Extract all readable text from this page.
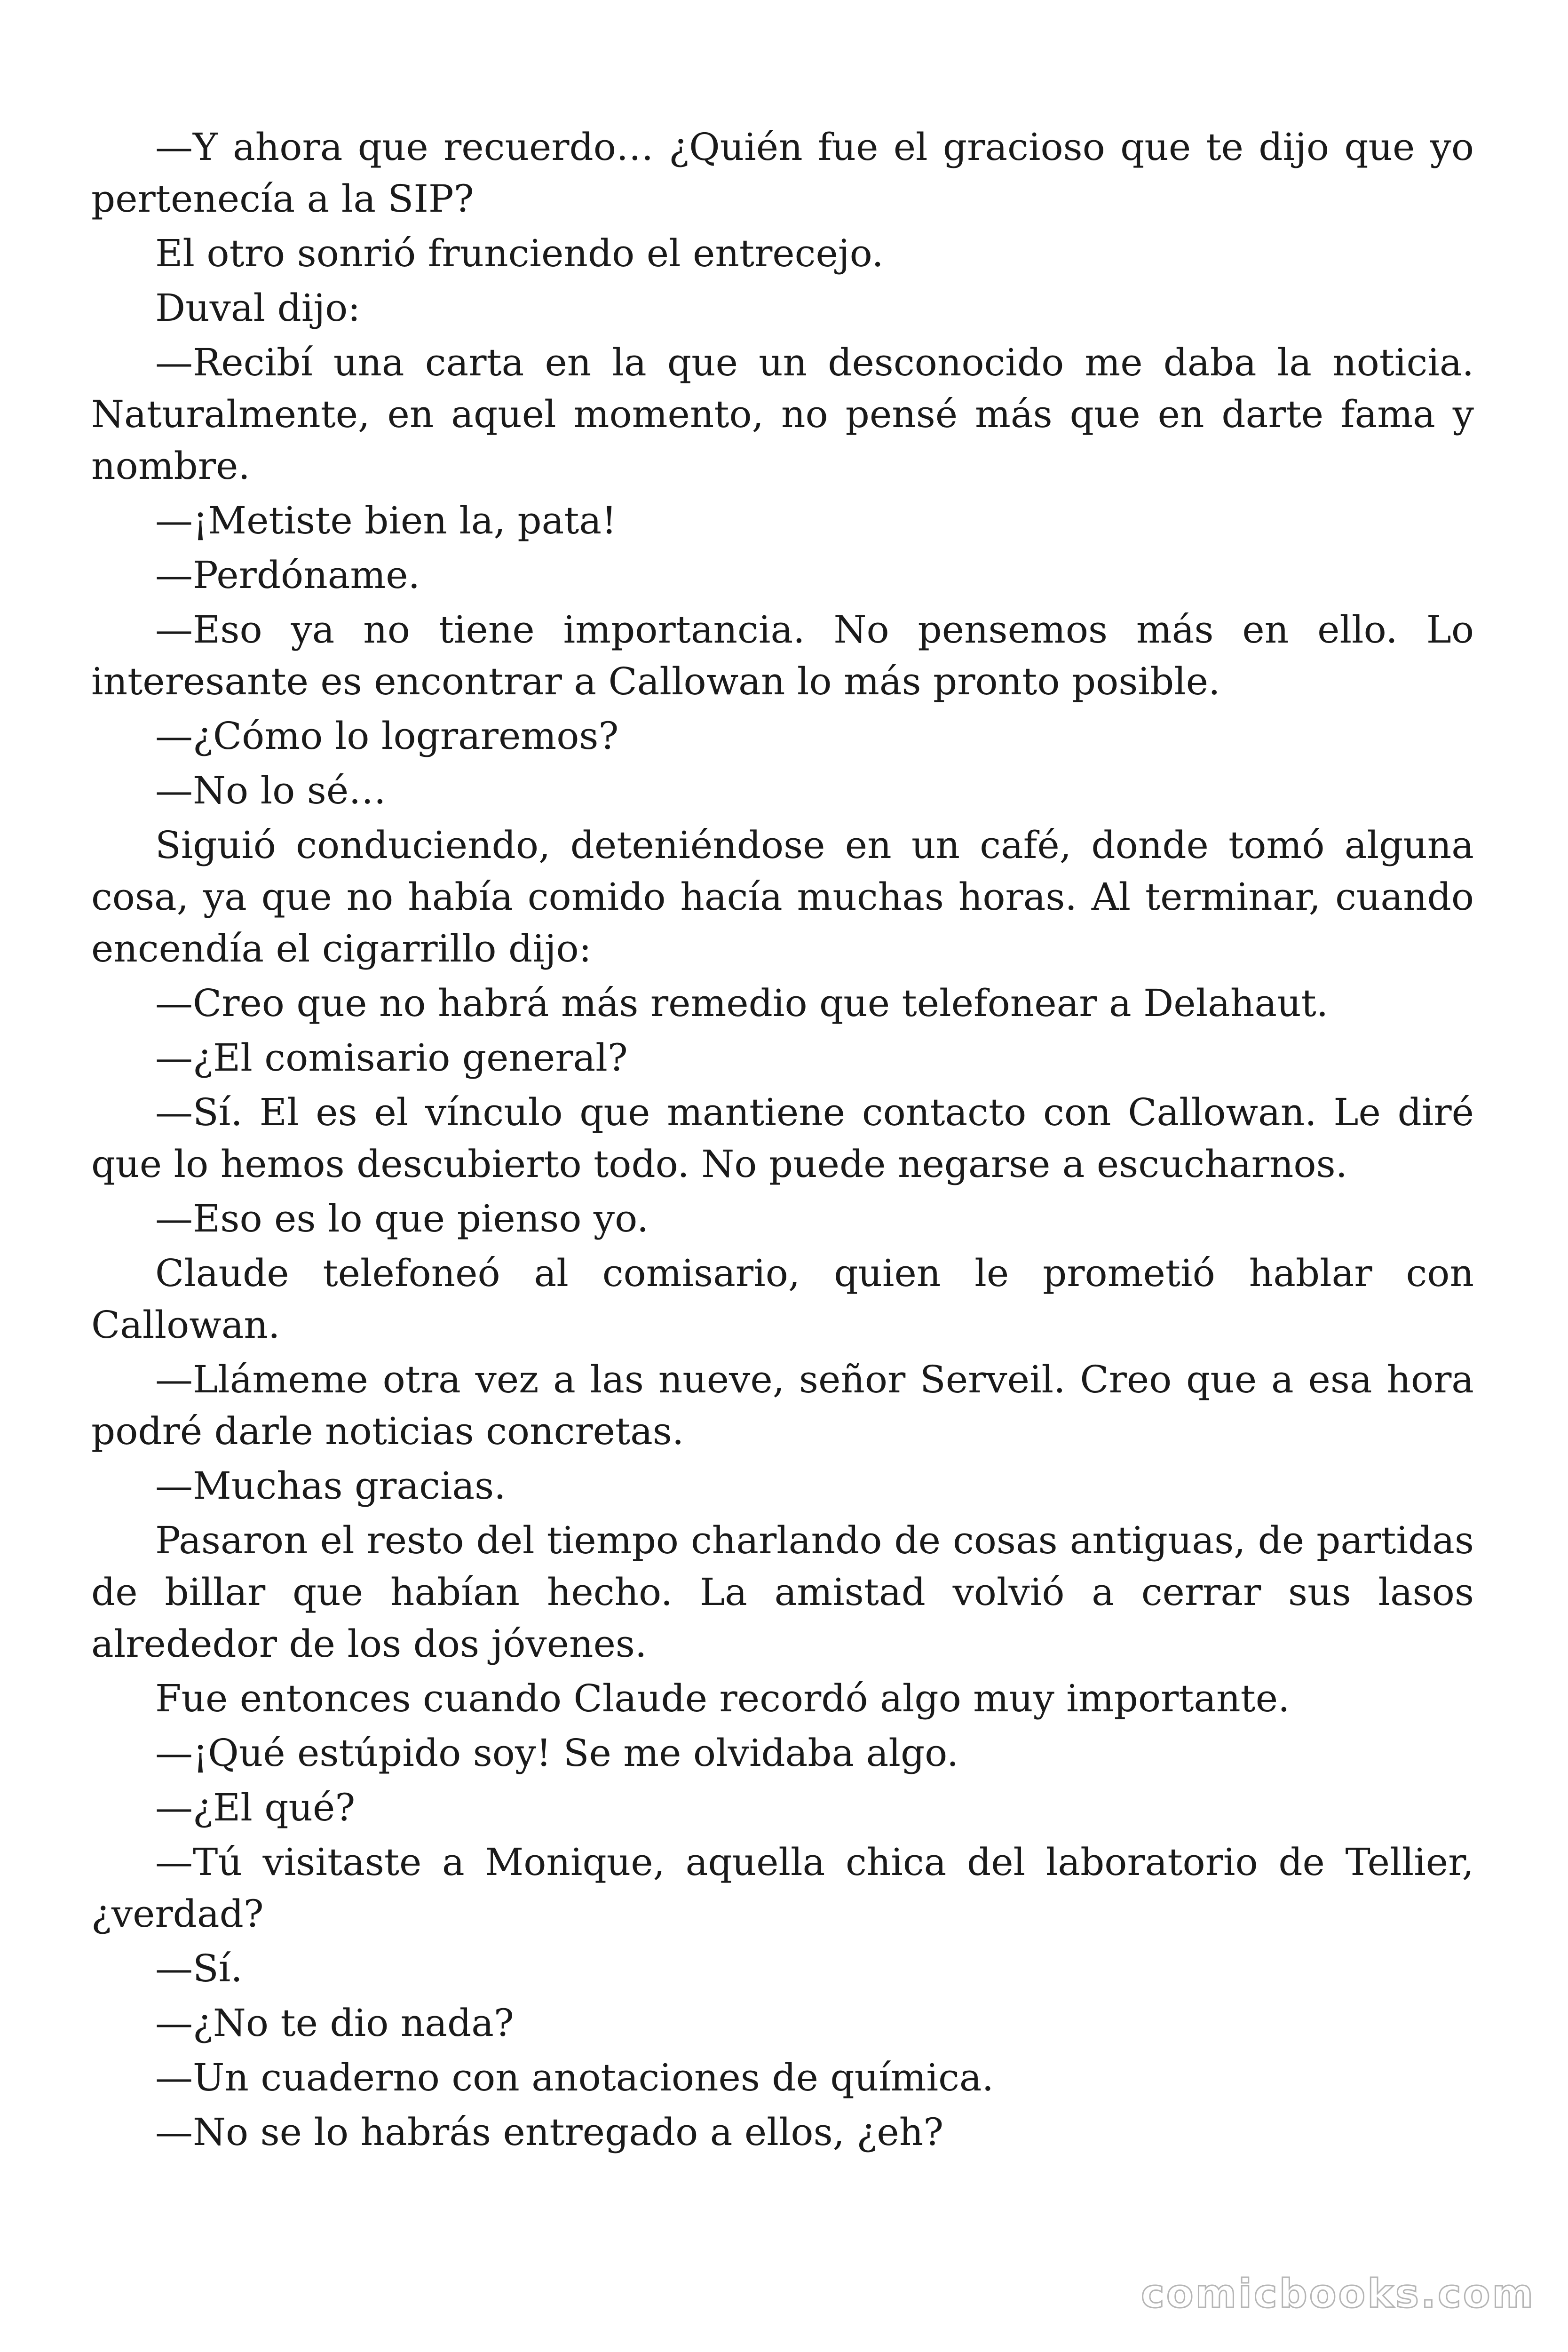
—Y ahora que recuerdo… ¿Quién fue el gracioso que te dijo que yo pertenecía a la SIP?

El otro sonrió frunciendo el entrecejo.

Duval dijo:

—Recibí una carta en la que un desconocido me daba la noticia. Naturalmente, en aquel momento, no pensé más que en darte fama y nombre.

—¡Metiste bien la, pata!

—Perdóname.

—Eso ya no tiene importancia. No pensemos más en ello. Lo interesante es encontrar a Callowan lo más pronto posible.

—¿Cómo lo lograremos?

—No lo sé…

Siguió conduciendo, deteniéndose en un café, donde tomó alguna cosa, ya que no había comido hacía muchas horas. Al terminar, cuando encendía el cigarrillo dijo:

—Creo que no habrá más remedio que telefonear a Delahaut.

—¿El comisario general?

—Sí. El es el vínculo que mantiene contacto con Callowan. Le diré que lo hemos descubierto todo. No puede negarse a escucharnos.

—Eso es lo que pienso yo.

Claude telefoneó al comisario, quien le prometió hablar con Callowan.

—Llámeme otra vez a las nueve, señor Serveil. Creo que a esa hora podré darle noticias concretas.

—Muchas gracias.

Pasaron el resto del tiempo charlando de cosas antiguas, de partidas de billar que habían hecho. La amistad volvió a cerrar sus lasos alrededor de los dos jóvenes.

Fue entonces cuando Claude recordó algo muy importante.

—¡Qué estúpido soy! Se me olvidaba algo.

—¿El qué?

—Tú visitaste a Monique, aquella chica del laboratorio de Tellier, ¿verdad?

—Sí.

—¿No te dio nada?

—Un cuaderno con anotaciones de química.

—No se lo habrás entregado a ellos, ¿eh?

comicbooks.com
